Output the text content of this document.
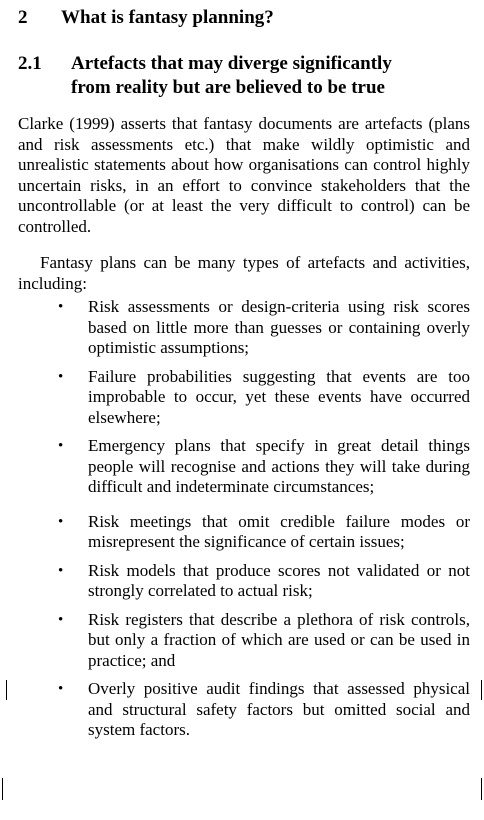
2	What is fantasy planning?
2.1	Artefacts that may diverge significantly
from reality but are believed to be true

Clarke (1999) asserts that fantasy documents are artefacts (plans and risk assessments etc.) that make wildly optimistic and unrealistic statements about how organisations can control highly uncertain risks, in an effort to convince stakeholders that the uncontrollable (or at least the very difficult to control) can be controlled.

Fantasy plans can be many types of artefacts and activities, including:

• Risk assessments or design-criteria using risk scores based on little more than guesses or containing overly optimistic assumptions;
• Failure probabilities suggesting that events are too improbable to occur, yet these events have occurred elsewhere;
• Emergency plans that specify in great detail things people will recognise and actions they will take during difficult and indeterminate circumstances;
• Risk meetings that omit credible failure modes or misrepresent the significance of certain issues;
• Risk models that produce scores not validated or not strongly correlated to actual risk;
• Risk registers that describe a plethora of risk controls, but only a fraction of which are used or can be used in practice; and
• Overly positive audit findings that assessed physical and structural safety factors but omitted social and system factors.
